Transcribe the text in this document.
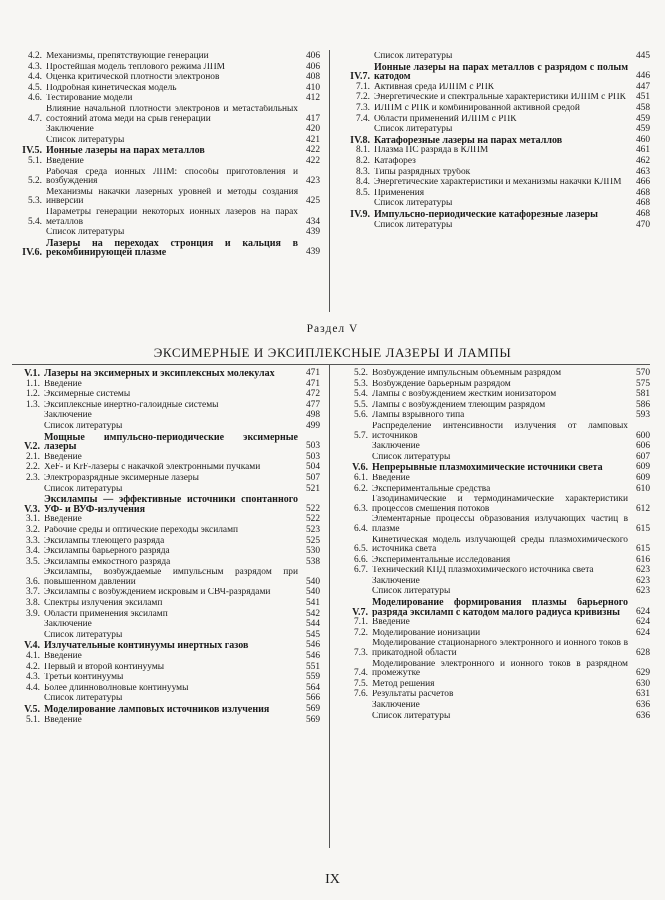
4.2. Механизмы, препятствующие генерации	406
4.3. Простейшая модель теплового режима ЛПМ	406
4.4. Оценка критической плотности электронов	408
4.5. Подробная кинетическая модель	410
4.6. Тестирование модели	412
4.7.
Влияние начальной плотности электронов и метастабильных состояний атома меди на срыв генерации	417
Заключение	420
Список литературы	421
IV.5. Ионные лазеры на парах металлов	422
5.1. Введение	422
5.2.
Рабочая среда ионных ЛПМ: способы приготовления и возбуждения	423
5.3.
Механизмы накачки лазерных уровней и методы создания инверсии	425
5.4.
Параметры генерации некоторых ионных лазеров на парах металлов	434
Список литературы	439
IV.6.
Лазеры на переходах стронция и кальция в рекомбинирующей плазме	439
Список литературы	445
IV.7.
Ионные лазеры на парах металлов с разрядом с полым катодом	446
7.1. Активная среда ИЛПМ с РПК	447
7.2. Энергетические и спектральные характеристики ИЛПМ с РПК	451
7.3. ИЛПМ с РПК и комбинированной активной средой	458
7.4. Области применений ИЛПМ с РПК	459
Список литературы	459
IV.8. Катафорезные лазеры на парах металлов	460
8.1. Плазма ПС разряда в КЛПМ	461
8.2. Катафорез	462
8.3. Типы разрядных трубок	463
8.4. Энергетические характеристики и механизмы накачки КЛПМ	466
8.5. Применения	468
Список литературы	468
IV.9. Импульсно-периодические катафорезные лазеры	468
Список литературы	470
Раздел V
ЭКСИМЕРНЫЕ И ЭКСИПЛЕКСНЫЕ ЛАЗЕРЫ И ЛАМПЫ
V.1. Лазеры на эксимерных и эксиплексных молекулах	471
1.1. Введение	471
1.2. Эксимерные системы	472
1.3. Эксиплексные инертно-галоидные системы	477
Заключение	498
Список литературы	499
V.2.
Мощные импульсно-периодические эксимерные лазеры	503
2.1. Введение	503
2.2. XeF- и KrF-лазеры с накачкой электронными пучками	504
2.3. Электроразрядные эксимерные лазеры	507
Список литературы	521
V.3.
Эксилампы — эффективные источники спонтанного УФ- и ВУФ-излучения	522
3.1. Введение	522
3.2. Рабочие среды и оптические переходы эксиламп	523
3.3. Эксилампы тлеющего разряда	525
3.4. Эксилампы барьерного разряда	530
3.5. Эксилампы емкостного разряда	538
3.6.
Эксилампы, возбуждаемые импульсным разрядом при повышенном давлении	540
3.7. Эксилампы с возбуждением искровым и СВЧ-разрядами	540
3.8. Спектры излучения эксиламп	541
3.9. Области применения эксиламп	542
Заключение	544
Список литературы	545
V.4. Излучательные континуумы инертных газов	546
4.1. Введение	546
4.2. Первый и второй континуумы	551
4.3. Третьи континуумы	559
4.4. Более длинноволновые континуумы	564
Список литературы	566
V.5. Моделирование ламповых источников излучения	569
5.1. Введение	569
5.2. Возбуждение импульсным объемным разрядом	570
5.3. Возбуждение барьерным разрядом	575
5.4. Лампы с возбуждением жестким ионизатором	581
5.5. Лампы с возбуждением тлеющим разрядом	586
5.6. Лампы взрывного типа	593
5.7.
Распределение интенсивности излучения от ламповых источников	600
Заключение	606
Список литературы	607
V.6. Непрерывные плазмохимические источники света	609
6.1. Введение	609
6.2. Экспериментальные средства	610
6.3.
Газодинамические и термодинамические характеристики процессов смешения потоков	612
6.4.
Элементарные процессы образования излучающих частиц в плазме	615
6.5.
Кинетическая модель излучающей среды плазмохимического источника света	615
6.6. Экспериментальные исследования	616
6.7. Технический КПД плазмохимического источника света	623
Заключение	623
Список литературы	623
V.7.
Моделирование формирования плазмы барьерного разряда эксиламп с катодом малого радиуса кривизны	624
7.1. Введение	624
7.2. Моделирование ионизации	624
7.3.
Моделирование стационарного электронного и ионного токов в прикатодной области	628
7.4.
Моделирование электронного и ионного токов в разрядном промежутке	629
7.5. Метод решения	630
7.6. Результаты расчетов	631
Заключение	636
Список литературы	636
IX
